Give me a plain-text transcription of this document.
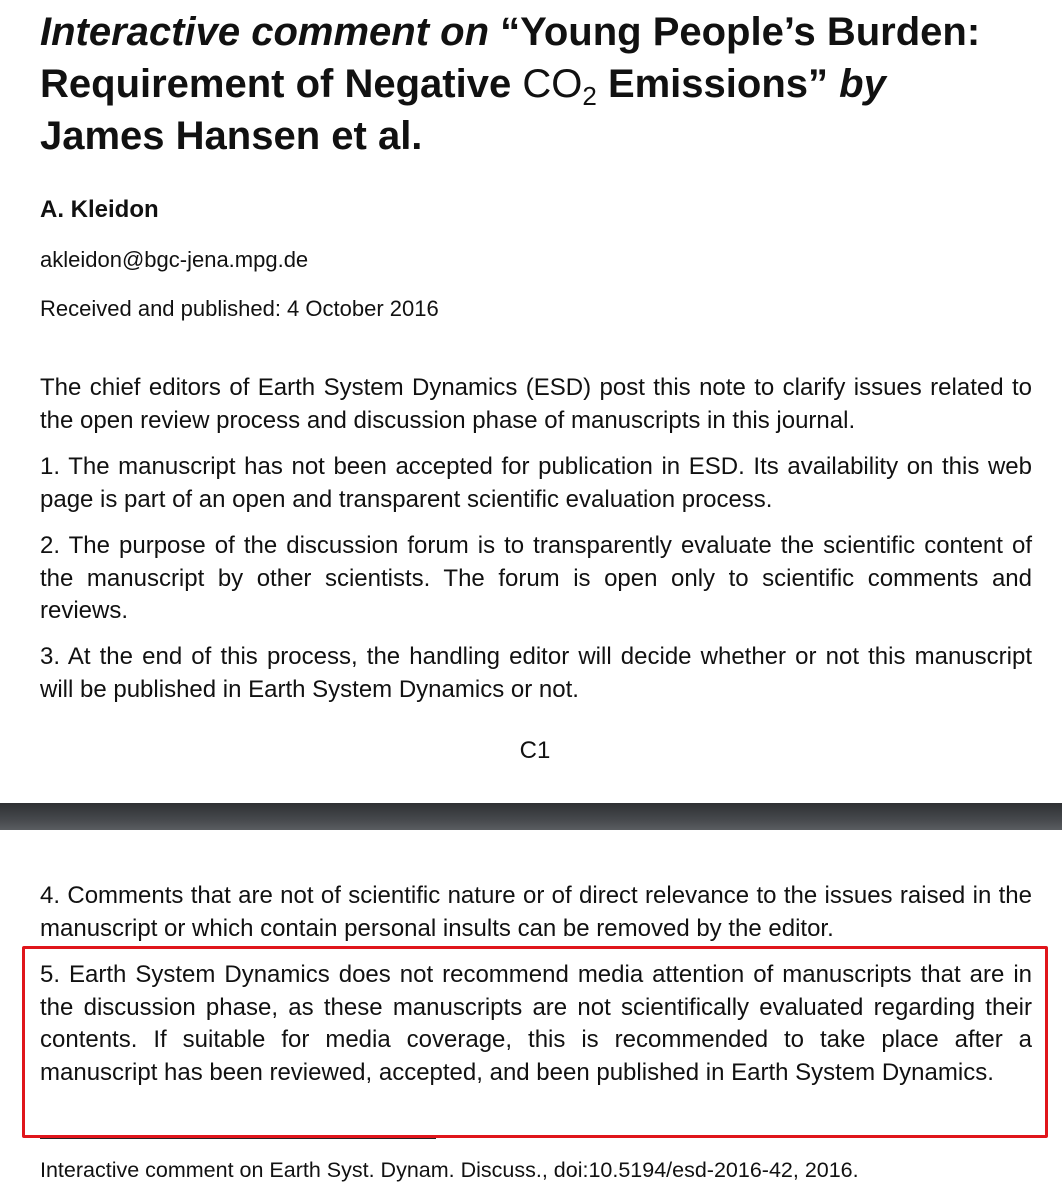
Interactive comment on “Young People’s Burden:
Requirement of Negative $CO_2$ Emissions” by
James Hansen et al.
A. Kleidon
akleidon@bgc-jena.mpg.de
Received and published: 4 October 2016

The chief editors of Earth System Dynamics (ESD) post this note to clarify issues related to the open review process and discussion phase of manuscripts in this journal.

1. The manuscript has not been accepted for publication in ESD. Its availability on this web page is part of an open and transparent scientific evaluation process.

2. The purpose of the discussion forum is to transparently evaluate the scientific content of the manuscript by other scientists. The forum is open only to scientific comments and reviews.

3. At the end of this process, the handling editor will decide whether or not this manuscript will be published in Earth System Dynamics or not.

C1

4. Comments that are not of scientific nature or of direct relevance to the issues raised in the manuscript or which contain personal insults can be removed by the editor.

5. Earth System Dynamics does not recommend media attention of manuscripts that are in the discussion phase, as these manuscripts are not scientifically evaluated regarding their contents. If suitable for media coverage, this is recommended to take place after a manuscript has been reviewed, accepted, and been published in Earth System Dynamics.

Interactive comment on Earth Syst. Dynam. Discuss., doi:10.5194/esd-2016-42, 2016.
